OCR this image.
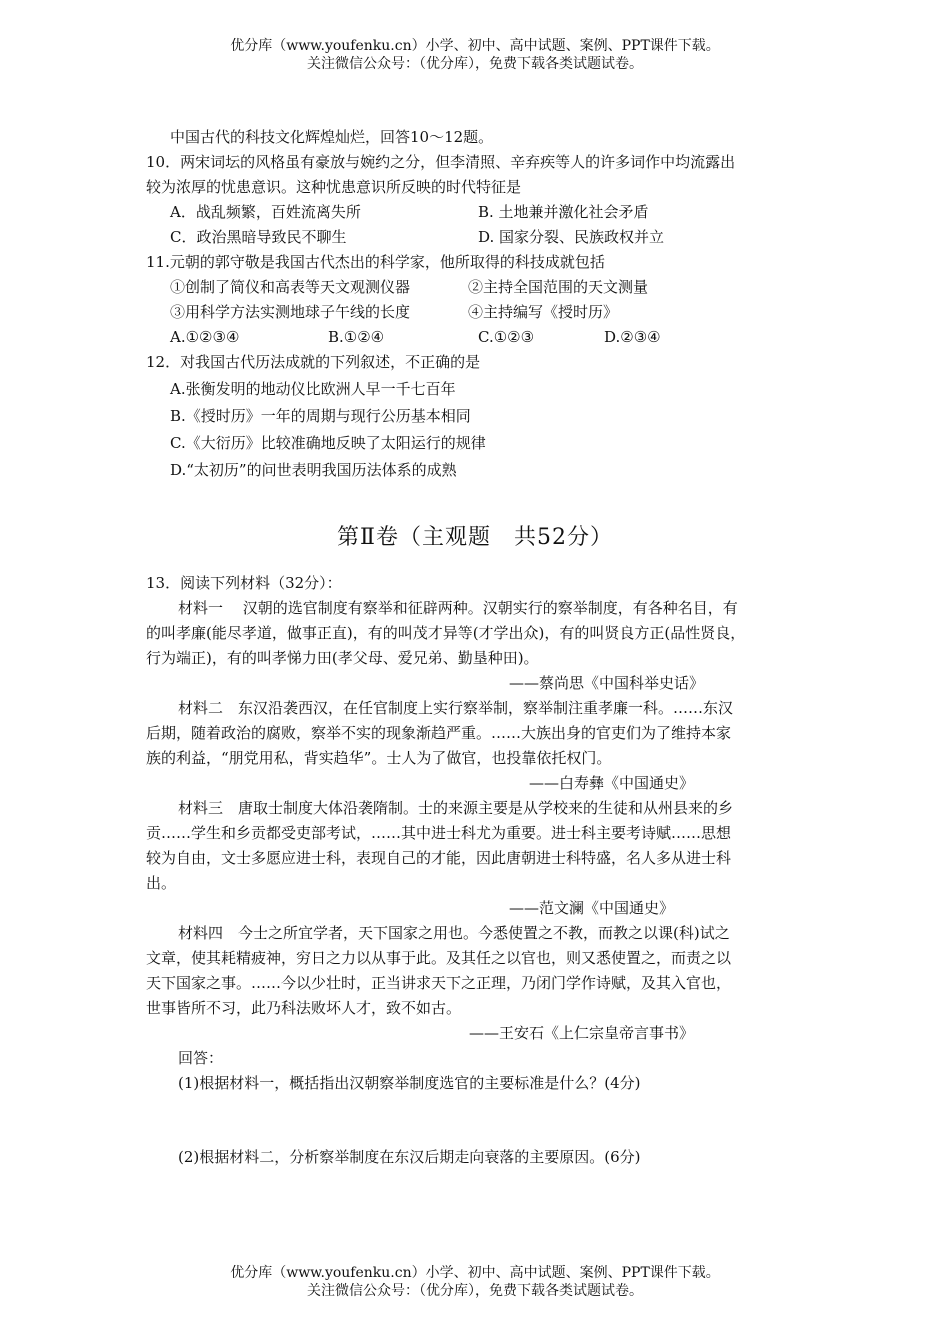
优分库（www.youfenku.cn）小学、初中、高中试题、案例、PPT课件下载。
关注微信公众号：（优分库），免费下载各类试题试卷。
中国古代的科技文化辉煌灿烂，回答10～12题。
10．两宋词坛的风格虽有豪放与婉约之分，但李清照、辛弃疾等人的许多词作中均流露出
较为浓厚的忧患意识。这种忧患意识所反映的时代特征是
A．战乱频繁，百姓流离失所	B. 土地兼并激化社会矛盾
C．政治黑暗导致民不聊生	D. 国家分裂、民族政权并立
11.元朝的郭守敬是我国古代杰出的科学家，他所取得的科技成就包括
①创制了简仪和高表等天文观测仪器	②主持全国范围的天文测量
③用科学方法实测地球子午线的长度	④主持编写《授时历》
A.①②③④	B.①②④	C.①②③	D.②③④
12．对我国古代历法成就的下列叙述，不正确的是
A.张衡发明的地动仪比欧洲人早一千七百年
B.《授时历》一年的周期与现行公历基本相同
C.《大衍历》比较准确地反映了太阳运行的规律
D.“太初历”的问世表明我国历法体系的成熟
第Ⅱ卷（主观题　共52分）
13．阅读下列材料（32分）：
材料一　 汉朝的选官制度有察举和征辟两种。汉朝实行的察举制度，有各种名目，有
的叫孝廉(能尽孝道，做事正直)，有的叫茂才异等(才学出众)，有的叫贤良方正(品性贤良，
行为端正)，有的叫孝悌力田(孝父母、爱兄弟、勤垦种田)。
——蔡尚思《中国科举史话》
材料二　东汉沿袭西汉，在任官制度上实行察举制，察举制注重孝廉一科。……东汉
后期，随着政治的腐败，察举不实的现象渐趋严重。……大族出身的官吏们为了维持本家
族的利益，“朋党用私，背实趋华”。士人为了做官，也投靠依托权门。
——白寿彝《中国通史》
材料三　唐取士制度大体沿袭隋制。士的来源主要是从学校来的生徒和从州县来的乡
贡……学生和乡贡都受吏部考试，……其中进士科尤为重要。进士科主要考诗赋……思想
较为自由，文士多愿应进士科，表现自己的才能，因此唐朝进士科特盛，名人多从进士科
出。
——范文澜《中国通史》
材料四　今士之所宜学者，天下国家之用也。今悉使置之不教，而教之以课(科)试之
文章，使其耗精疲神，穷日之力以从事于此。及其任之以官也，则又悉使置之，而责之以
天下国家之事。……今以少壮时，正当讲求天下之正理，乃闭门学作诗赋，及其入官也，
世事皆所不习，此乃科法败坏人才，致不如古。
——王安石《上仁宗皇帝言事书》
回答：
(1)根据材料一，概括指出汉朝察举制度选官的主要标准是什么？(4分)
(2)根据材料二，分析察举制度在东汉后期走向衰落的主要原因。(6分)
优分库（www.youfenku.cn）小学、初中、高中试题、案例、PPT课件下载。
关注微信公众号：（优分库），免费下载各类试题试卷。
